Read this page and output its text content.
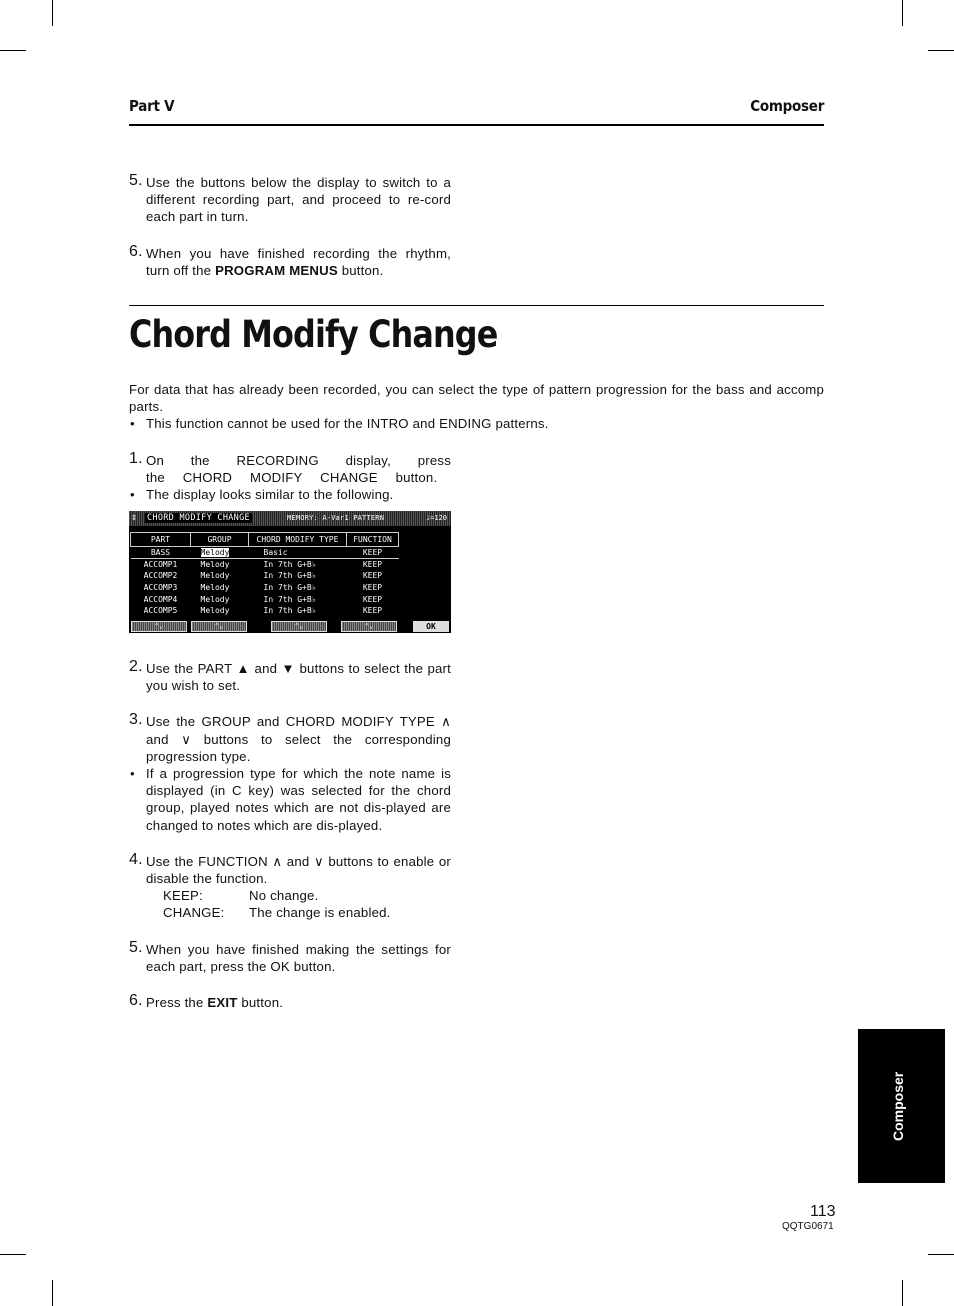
Part V	Composer
5. Use the buttons below the display to switch to a different recording part, and proceed to re-cord each part in turn.
6. When you have finished recording the rhythm, turn off the PROGRAM MENUS button.
Chord Modify Change

For data that has already been recorded, you can select the type of pattern progression for the bass and accomp parts.

• This function cannot be used for the INTRO and ENDING patterns.
1. On the RECORDING display, press the CHORD MODIFY CHANGE button.
• The display looks similar to the following.
⇕ CHORD MODIFY CHANGE	MEMORY: A-Var1 PATTERN	♩=120
PART	GROUP	CHORD MODIFY TYPE	FUNCTION
BASS	Melody	Basic	KEEP
ACCOMP1	Melody	In 7th G+B♭	KEEP
ACCOMP2	Melody	In 7th G+B♭	KEEP
ACCOMP3	Melody	In 7th G+B♭	KEEP
ACCOMP4	Melody	In 7th G+B♭	KEEP
ACCOMP5	Melody	In 7th G+B♭	KEEP
⌃⌄	⌃⌄	⌃⌄	⌃⌄	OK
2. Use the PART ▲ and ▼ buttons to select the part you wish to set.
3. Use the GROUP and CHORD MODIFY TYPE ∧ and ∨ buttons to select the corresponding progression type.
• If a progression type for which the note name is displayed (in C key) was selected for the chord group, played notes which are not dis-played are changed to notes which are dis-played.
4. Use the FUNCTION ∧ and ∨ buttons to enable or disable the function.
KEEP:	No change.
CHANGE: The change is enabled.
5. When you have finished making the settings for each part, press the OK button.
6. Press the EXIT button.
Composer
113
QQTG0671
